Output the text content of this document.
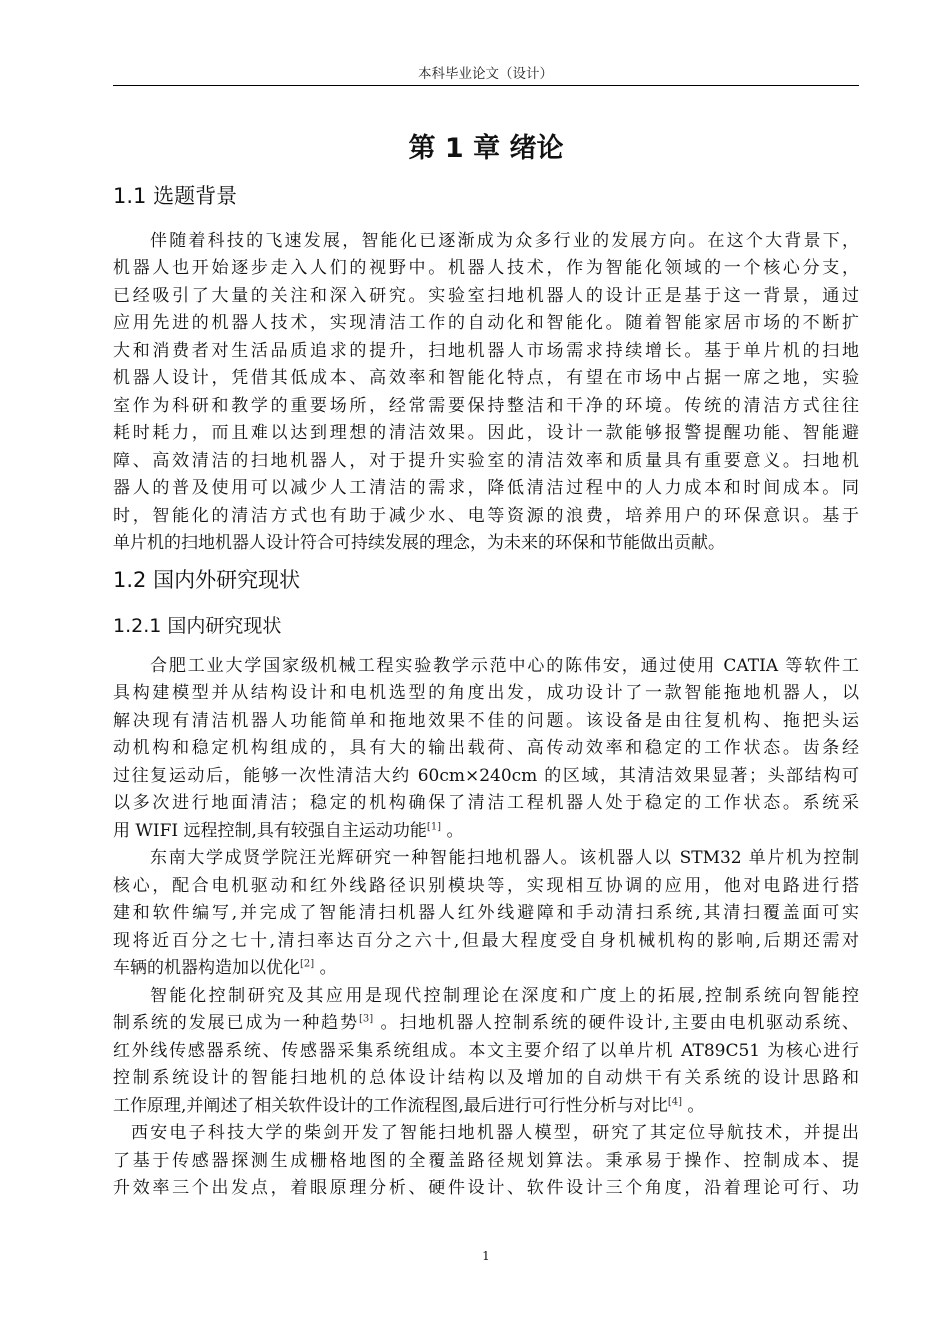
本科毕业论文（设计）
第 1 章 绪论
1.1 选题背景
伴随着科技的飞速发展，智能化已逐渐成为众多行业的发展方向。在这个大背景下，
机器人也开始逐步走入人们的视野中。机器人技术，作为智能化领域的一个核心分支，
已经吸引了大量的关注和深入研究。实验室扫地机器人的设计正是基于这一背景，通过
应用先进的机器人技术，实现清洁工作的自动化和智能化。随着智能家居市场的不断扩
大和消费者对生活品质追求的提升，扫地机器人市场需求持续增长。基于单片机的扫地
机器人设计，凭借其低成本、高效率和智能化特点，有望在市场中占据一席之地，实验
室作为科研和教学的重要场所，经常需要保持整洁和干净的环境。传统的清洁方式往往
耗时耗力，而且难以达到理想的清洁效果。因此，设计一款能够报警提醒功能、智能避
障、高效清洁的扫地机器人，对于提升实验室的清洁效率和质量具有重要意义。扫地机
器人的普及使用可以减少人工清洁的需求，降低清洁过程中的人力成本和时间成本。同
时，智能化的清洁方式也有助于减少水、电等资源的浪费，培养用户的环保意识。基于
单片机的扫地机器人设计符合可持续发展的理念，为未来的环保和节能做出贡献。
1.2 国内外研究现状
1.2.1 国内研究现状
合肥工业大学国家级机械工程实验教学示范中心的陈伟安，通过使用 CATIA 等软件工
具构建模型并从结构设计和电机选型的角度出发，成功设计了一款智能拖地机器人，以
解决现有清洁机器人功能简单和拖地效果不佳的问题。该设备是由往复机构、拖把头运
动机构和稳定机构组成的，具有大的输出载荷、高传动效率和稳定的工作状态。齿条经
过往复运动后，能够一次性清洁大约 60cm×240cm 的区域，其清洁效果显著；头部结构可
以多次进行地面清洁；稳定的机构确保了清洁工程机器人处于稳定的工作状态。系统采
用 WIFI 远程控制,具有较强自主运动功能[1] 。
东南大学成贤学院汪光辉研究一种智能扫地机器人。该机器人以 STM32 单片机为控制
核心，配合电机驱动和红外线路径识别模块等，实现相互协调的应用，他对电路进行搭
建和软件编写,并完成了智能清扫机器人红外线避障和手动清扫系统,其清扫覆盖面可实
现将近百分之七十,清扫率达百分之六十,但最大程度受自身机械机构的影响,后期还需对
车辆的机器构造加以优化[2] 。
智能化控制研究及其应用是现代控制理论在深度和广度上的拓展,控制系统向智能控
制系统的发展已成为一种趋势[3] 。扫地机器人控制系统的硬件设计,主要由电机驱动系统、
红外线传感器系统、传感器采集系统组成。本文主要介绍了以单片机 AT89C51 为核心进行
控制系统设计的智能扫地机的总体设计结构以及增加的自动烘干有关系统的设计思路和
工作原理,并阐述了相关软件设计的工作流程图,最后进行可行性分析与对比[4] 。
西安电子科技大学的柴剑开发了智能扫地机器人模型，研究了其定位导航技术，并提出
了基于传感器探测生成栅格地图的全覆盖路径规划算法。秉承易于操作、控制成本、提
升效率三个出发点，着眼原理分析、硬件设计、软件设计三个角度，沿着理论可行、功
1
